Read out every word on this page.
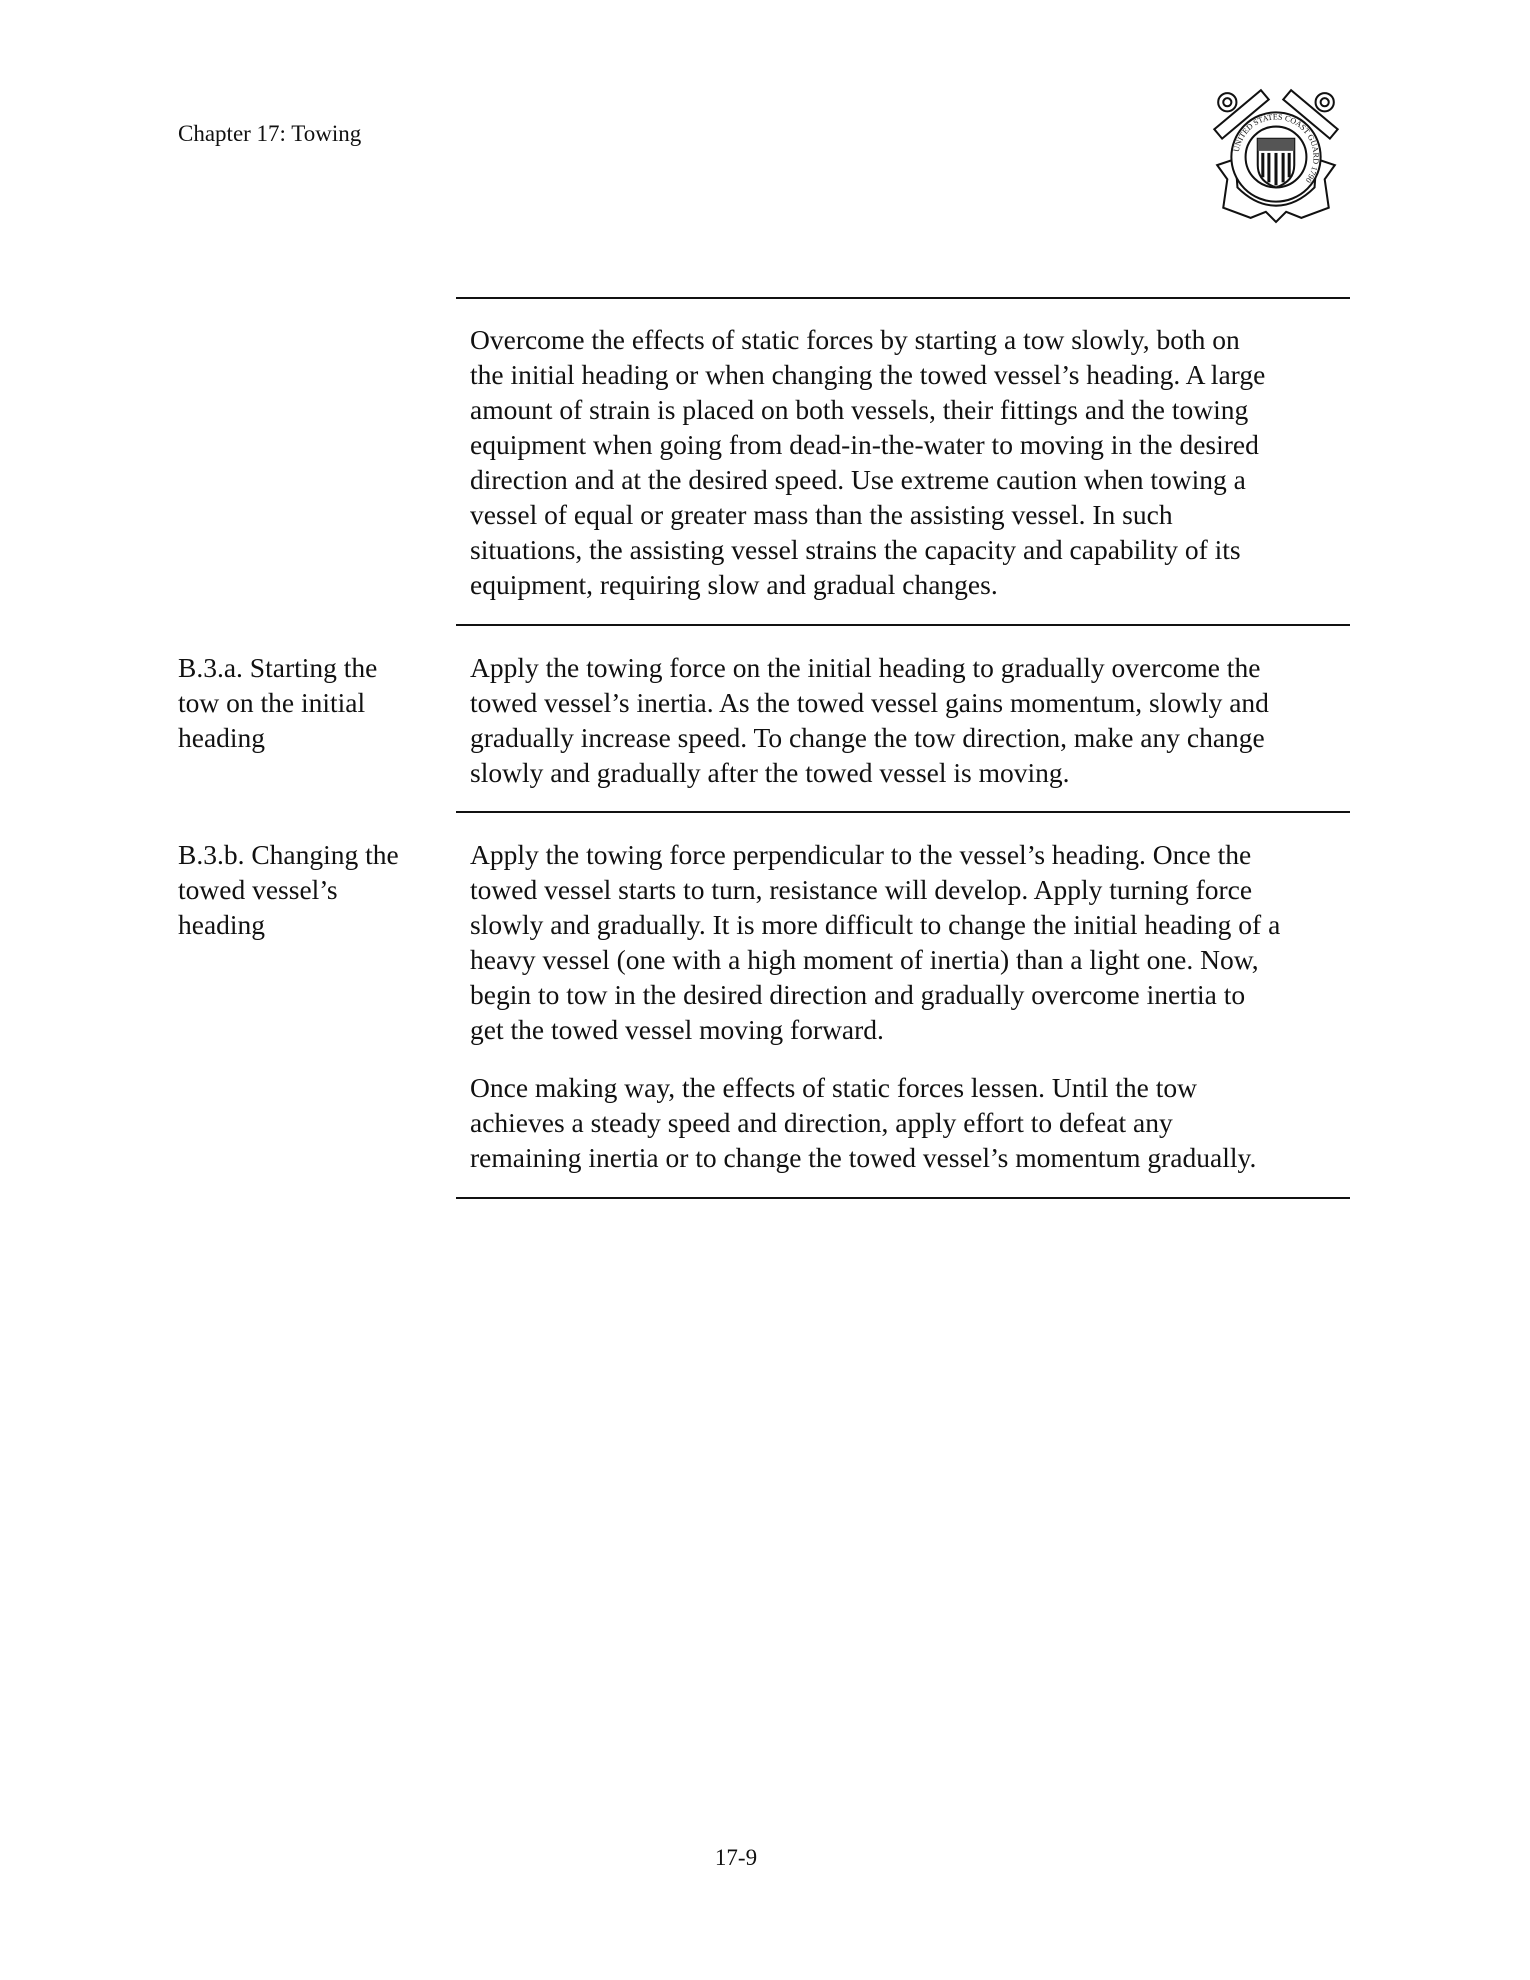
Chapter 17: Towing
UNITED STATES COAST GUARD 1790
Overcome the effects of static forces by starting a tow slowly, both on
the initial heading or when changing the towed vessel’s heading. A large
amount of strain is placed on both vessels, their fittings and the towing
equipment when going from dead-in-the-water to moving in the desired
direction and at the desired speed. Use extreme caution when towing a
vessel of equal or greater mass than the assisting vessel. In such
situations, the assisting vessel strains the capacity and capability of its
equipment, requiring slow and gradual changes.
B.3.a. Starting the
tow on the initial
heading
Apply the towing force on the initial heading to gradually overcome the
towed vessel’s inertia. As the towed vessel gains momentum, slowly and
gradually increase speed. To change the tow direction, make any change
slowly and gradually after the towed vessel is moving.
B.3.b. Changing the
towed vessel’s
heading
Apply the towing force perpendicular to the vessel’s heading. Once the
towed vessel starts to turn, resistance will develop. Apply turning force
slowly and gradually. It is more difficult to change the initial heading of a
heavy vessel (one with a high moment of inertia) than a light one. Now,
begin to tow in the desired direction and gradually overcome inertia to
get the towed vessel moving forward.
Once making way, the effects of static forces lessen. Until the tow
achieves a steady speed and direction, apply effort to defeat any
remaining inertia or to change the towed vessel’s momentum gradually.
17-9
